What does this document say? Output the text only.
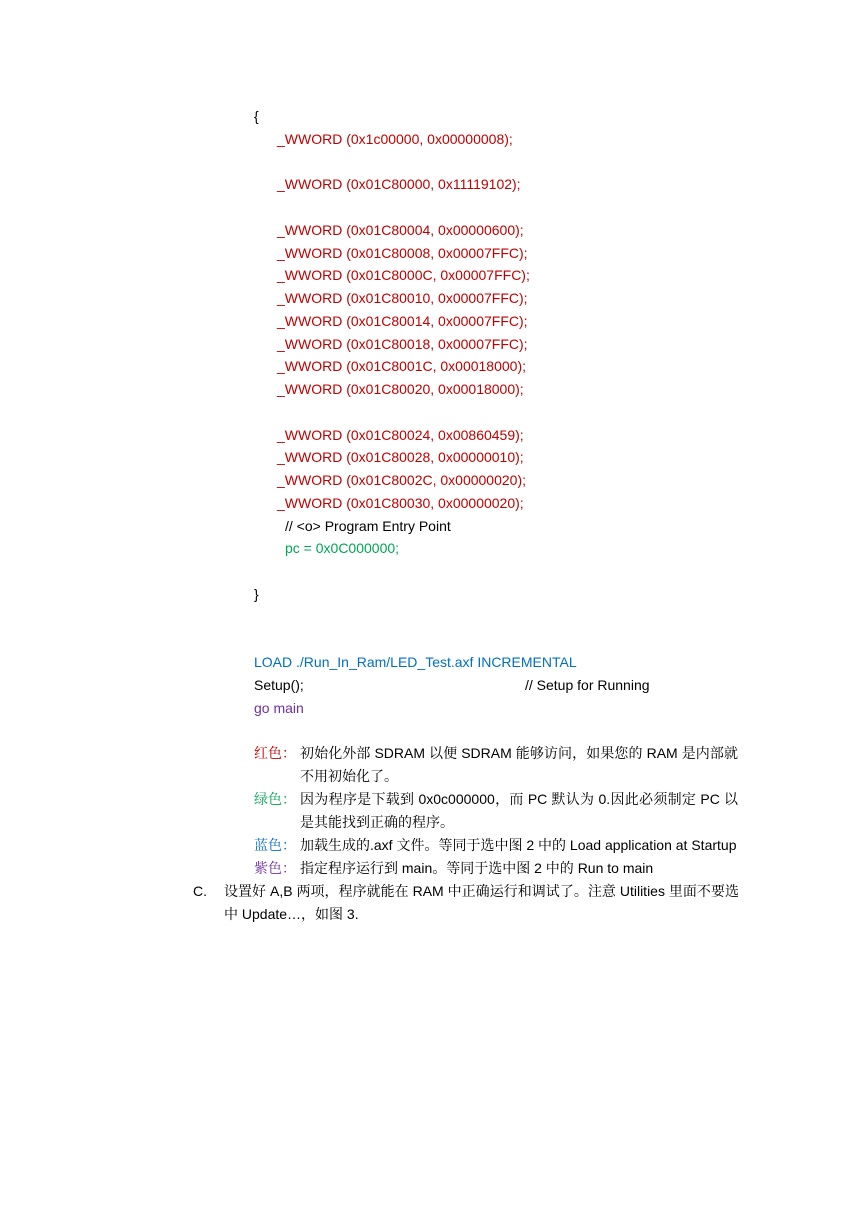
{
_WWORD (0x1c00000, 0x00000008);
_WWORD (0x01C80000, 0x11119102);
_WWORD (0x01C80004, 0x00000600);
_WWORD (0x01C80008, 0x00007FFC);
_WWORD (0x01C8000C, 0x00007FFC);
_WWORD (0x01C80010, 0x00007FFC);
_WWORD (0x01C80014, 0x00007FFC);
_WWORD (0x01C80018, 0x00007FFC);
_WWORD (0x01C8001C, 0x00018000);
_WWORD (0x01C80020, 0x00018000);
_WWORD (0x01C80024, 0x00860459);
_WWORD (0x01C80028, 0x00000010);
_WWORD (0x01C8002C, 0x00000020);
_WWORD (0x01C80030, 0x00000020);
// <o> Program Entry Point
pc = 0x0C000000;
}
LOAD ./Run_In_Ram/LED_Test.axf INCREMENTAL
Setup();	// Setup for Running
go main
红色： 初始化外部 SDRAM 以便 SDRAM 能够访问，如果您的 RAM 是内部就不用初始化了。
绿色： 因为程序是下载到 0x0c000000，而 PC 默认为 0.因此必须制定 PC 以是其能找到正确的程序。
蓝色： 加载生成的.axf 文件。等同于选中图 2 中的 Load application at Startup
紫色： 指定程序运行到 main。等同于选中图 2 中的 Run to main
C.	设置好 A,B 两项，程序就能在 RAM 中正确运行和调试了。注意 Utilities 里面不要选中 Update…，如图 3.
